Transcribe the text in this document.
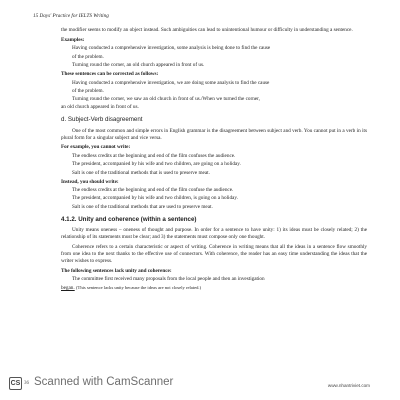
15 Days' Practice for IELTS Writing

the modifier seems to modify an object instead. Such ambiguities can lead to unintentional humour or difficulty in understanding a sentence.

Examples:
Having conducted a comprehensive investigation, some analysis is being done to find the cause
of the problem.
Turning round the corner, an old church appeared in front of us.
These sentences can be corrected as follows:
Having conducted a comprehensive investigation, we are doing some analysis to find the cause
of the problem.
Turning round the corner, we saw an old church in front of us./When we turned the corner,
an old church appeared in front of us.
d. Subject-Verb disagreement

One of the most common and simple errors in English grammar is the disagreement between subject and verb. You cannot put in a verb in its plural form for a singular subject and vice versa.

For example, you cannot write:
The endless credits at the beginning and end of the film confuses the audience.
The president, accompanied by his wife and two children, are going on a holiday.
Salt is one of the traditional methods that is used to preserve meat.
Instead, you should write:
The endless credits at the beginning and end of the film confuse the audience.
The president, accompanied by his wife and two children, is going on a holiday.
Salt is one of the traditional methods that are used to preserve meat.
4.1.2. Unity and coherence (within a sentence)

Unity means oneness – oneness of thought and purpose. In order for a sentence to have unity: 1) its ideas must be closely related; 2) the relationship of its statements must be clear; and 3) the statements must compose only one thought.

Coherence refers to a certain characteristic or aspect of writing. Coherence in writing means that all the ideas in a sentence flow smoothly from one idea to the next thanks to the effective use of connectors. With coherence, the reader has an easy time understanding the ideas that the writer wishes to express.

The following sentences lack unity and coherence:
The committee first received many proposals from the local people and then an investigation
began. (This sentence lacks unity because the ideas are not closely related.)
CS 36 Scanned with CamScanner	www.nhantriviet.com
